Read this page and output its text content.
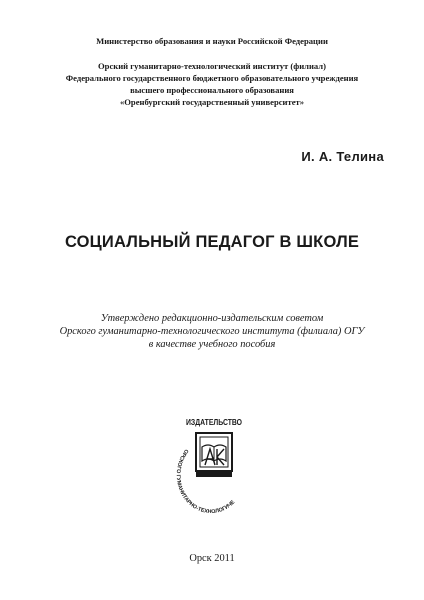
Министерство образования и науки Российской Федерации
Орский гуманитарно-технологический институт (филиал)
Федерального государственного бюджетного образовательного учреждения
высшего профессионального образования
«Оренбургский государственный университет»
И. А. Телина
СОЦИАЛЬНЫЙ ПЕДАГОГ В ШКОЛЕ
Утверждено редакционно-издательским советом
Орского гуманитарно-технологического института (филиала) ОГУ
в качестве учебного пособия
ИЗДАТЕЛЬСТВО
ОРСКОГО ГУМАНИТАРНО-ТЕХНОЛОГИЧЕ
Орск 2011
